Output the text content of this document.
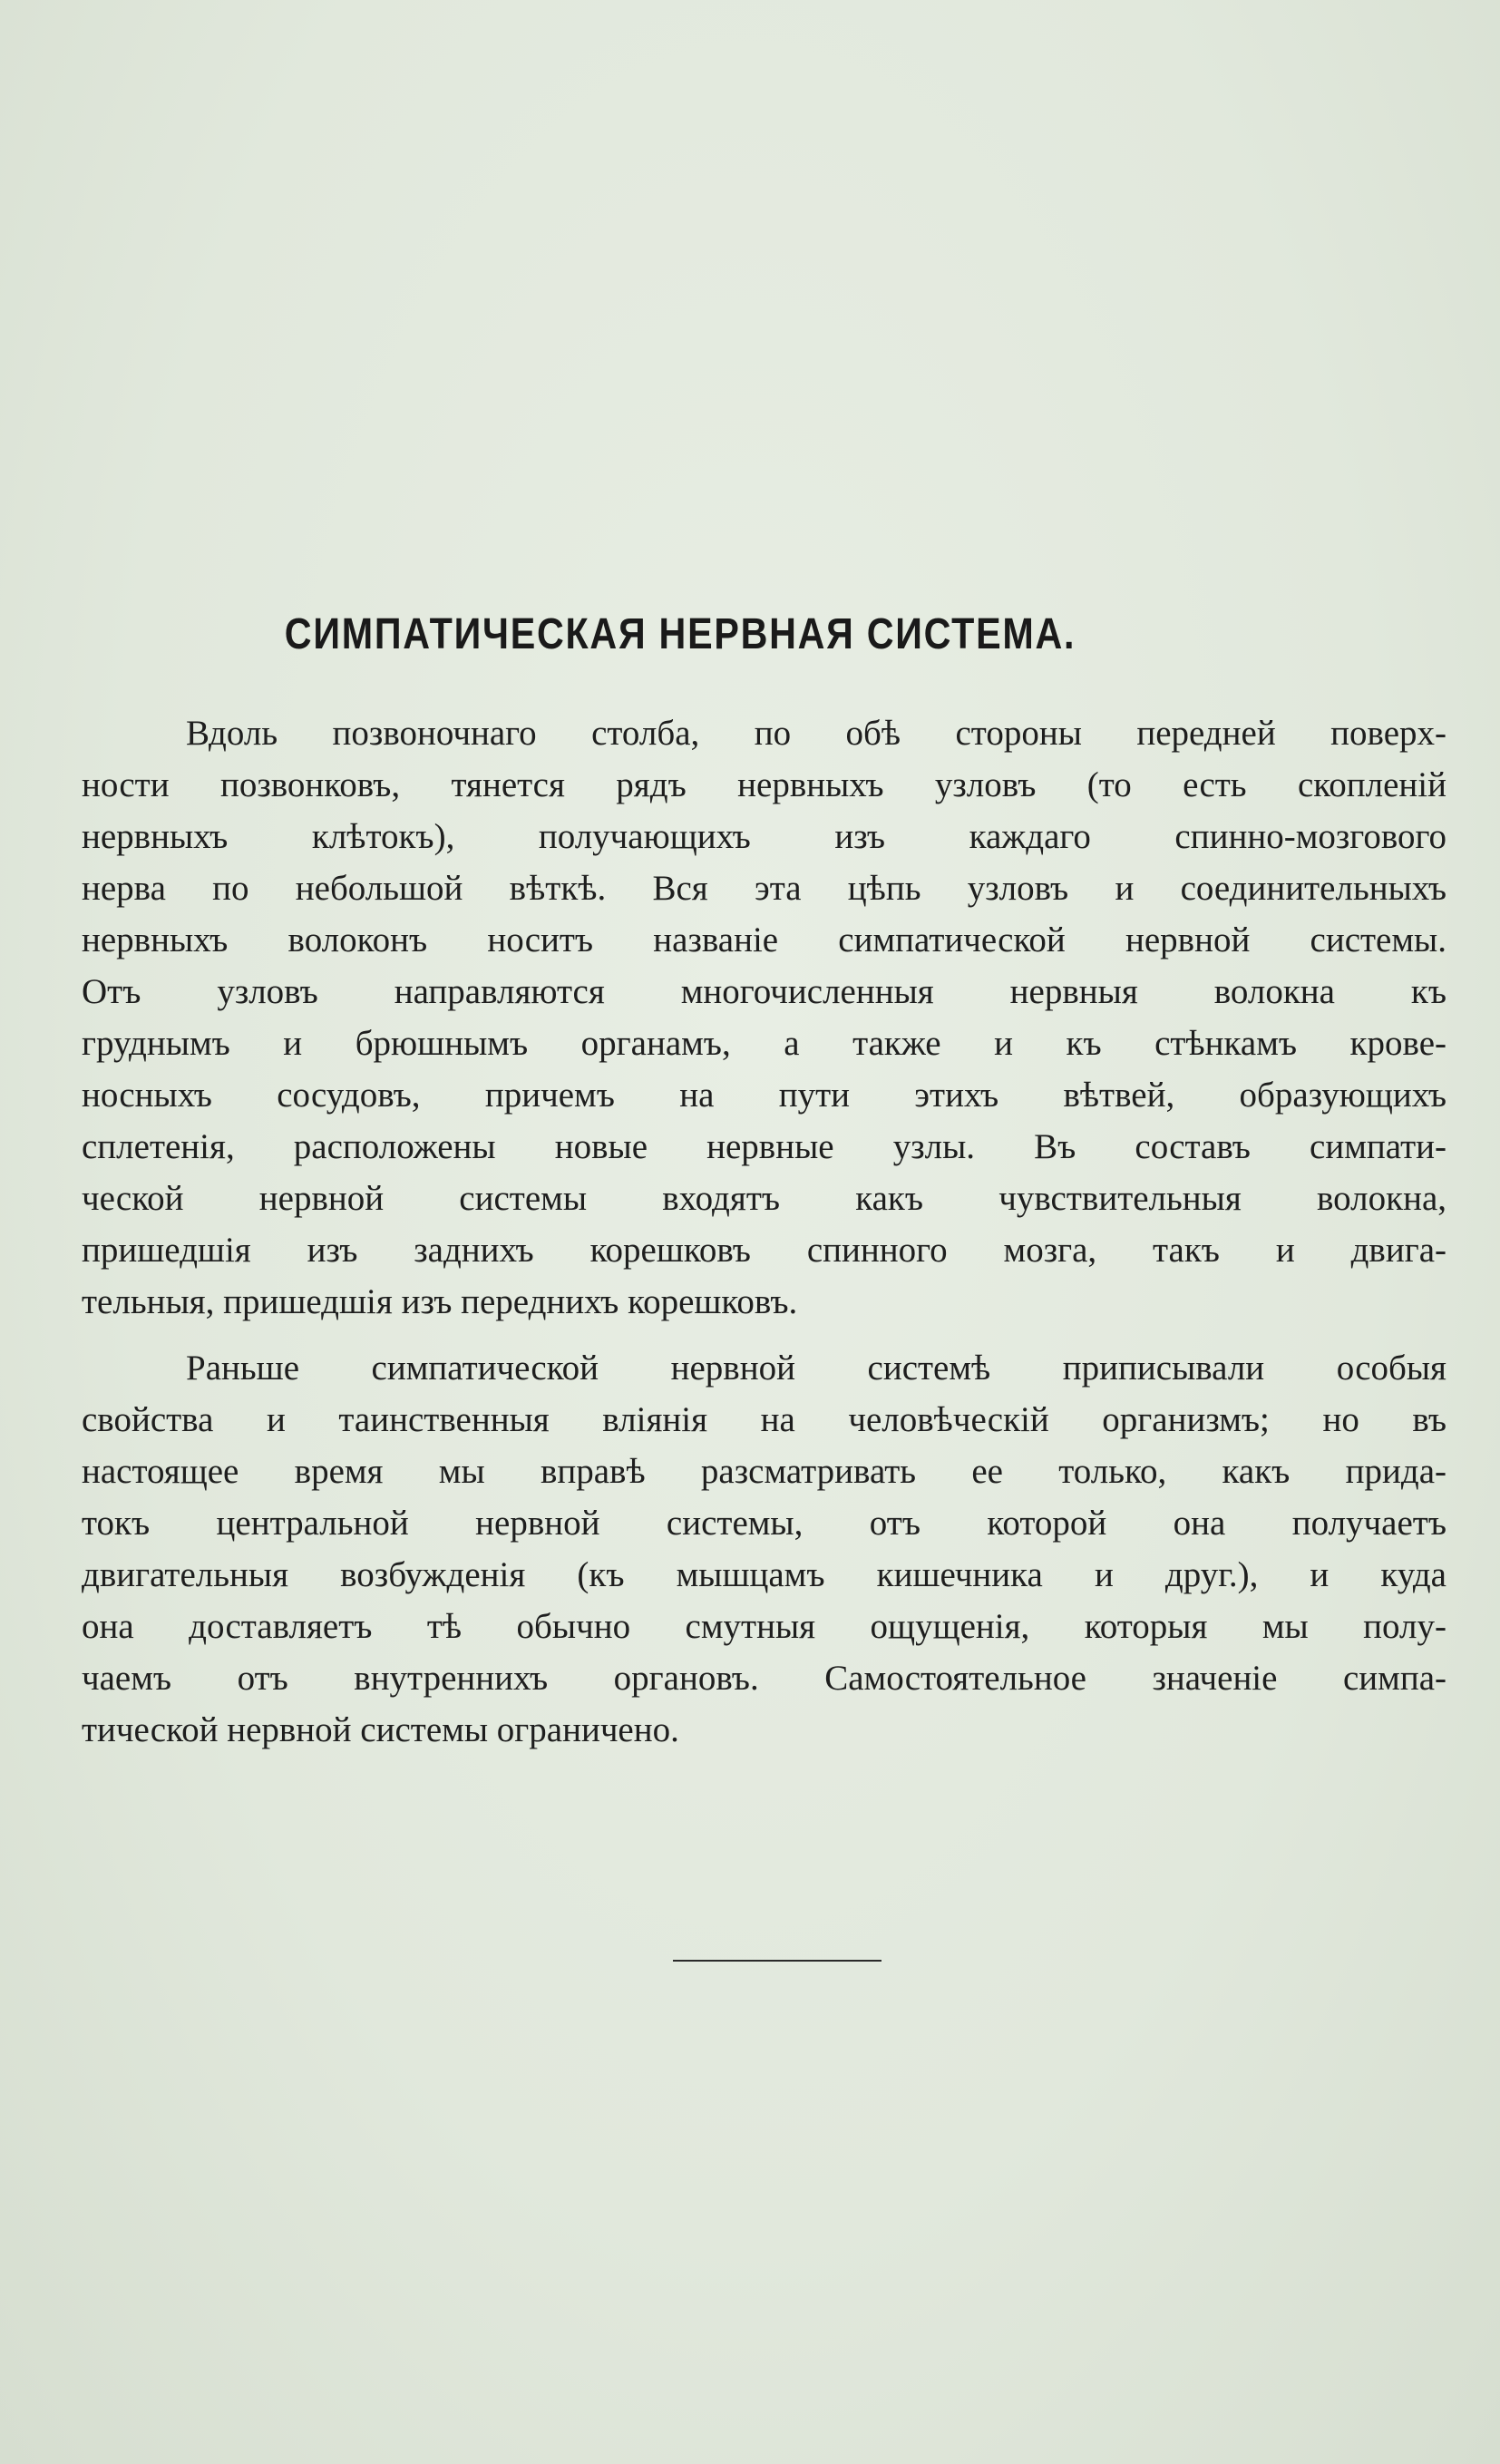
СИМПАТИЧЕСКАЯ НЕРВНАЯ СИСТЕМА.

Вдоль позвоночнаго столба, по обѣ стороны передней поверх-
ности позвонковъ, тянется рядъ нервныхъ узловъ (то есть скопленій
нервныхъ клѣтокъ), получающихъ изъ каждаго спинно-мозгового
нерва по небольшой вѣткѣ. Вся эта цѣпь узловъ и соединительныхъ
нервныхъ волоконъ носитъ названіе симпатической нервной системы.
Отъ узловъ направляются многочисленныя нервныя волокна къ
груднымъ и брюшнымъ органамъ, а также и къ стѣнкамъ крове-
носныхъ сосудовъ, причемъ на пути этихъ вѣтвей, образующихъ
сплетенія, расположены новые нервные узлы. Въ составъ симпати-
ческой нервной системы входятъ какъ чувствительныя волокна,
пришедшія изъ заднихъ корешковъ спинного мозга, такъ и двига-
тельныя, пришедшія изъ переднихъ корешковъ.

Раньше симпатической нервной системѣ приписывали особыя
свойства и таинственныя вліянія на человѣческій организмъ; но въ
настоящее время мы вправѣ разсматривать ее только, какъ прида-
токъ центральной нервной системы, отъ которой она получаетъ
двигательныя возбужденія (къ мышцамъ кишечника и друг.), и куда
она доставляетъ тѣ обычно смутныя ощущенія, которыя мы полу-
чаемъ отъ внутреннихъ органовъ. Самостоятельное значеніе симпа-
тической нервной системы ограничено.
